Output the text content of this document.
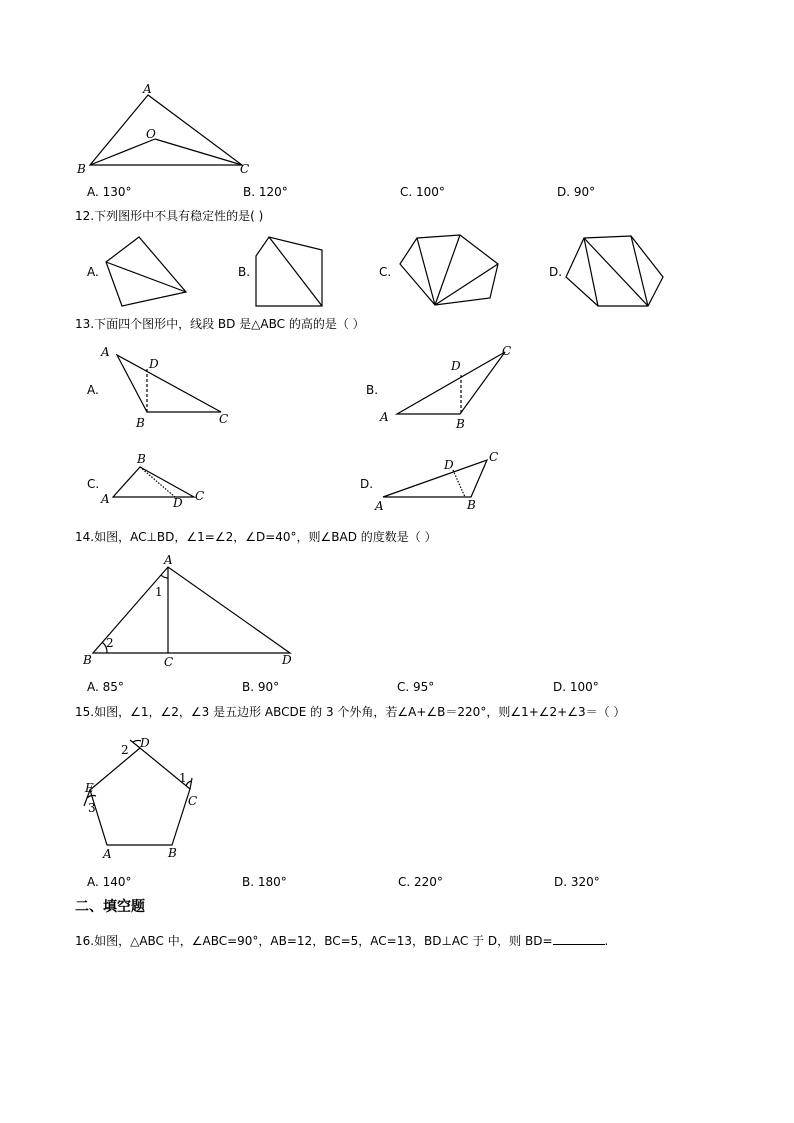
A
O
B	C
A. 130°	B. 120°	C. 100°	D. 90°
12.下列图形中不具有稳定性的是( )
A.	B.	C.	D.
13.下面四个图形中，线段 BD 是△ABC 的高的是（ ）
A.
A
D
B	C
B.
A
D
B
C
C.
B
A	D C
D.
A
D
B
C
14.如图，AC⊥BD，∠1=∠2，∠D=40°，则∠BAD 的度数是（ ）
A
1
2
B	C	D
A. 85°	B. 90°	C. 95°	D. 100°
15.如图，∠1，∠2，∠3 是五边形 ABCDE 的 3 个外角，若∠A+∠B＝220°，则∠1+∠2+∠3＝（ ）
2 D
1
C
E
3
A	B
A. 140°	B. 180°	C. 220°	D. 320°
二、填空题
16.如图，△ABC 中，∠ABC=90°，AB=12，BC=5，AC=13，BD⊥AC 于 D，则 BD=	.
